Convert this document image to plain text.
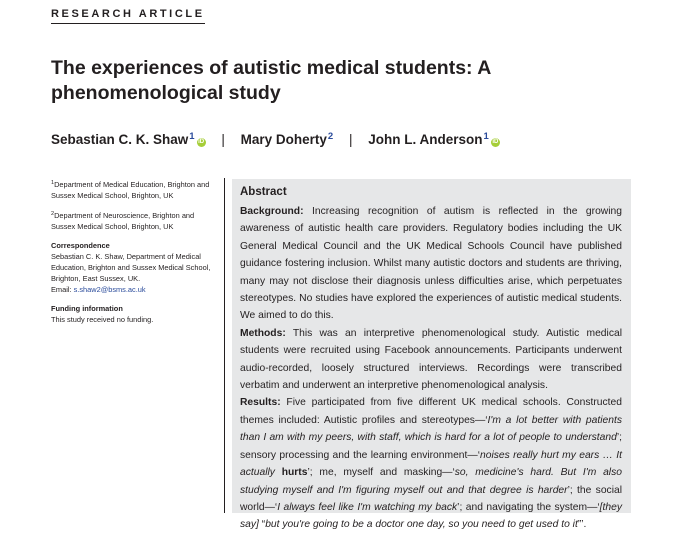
RESEARCH ARTICLE
The experiences of autistic medical students: A phenomenological study
Sebastian C. K. Shaw$^1$ iD | Mary Doherty$^2$ | John L. Anderson$^1$ iD
$^1$Department of Medical Education, Brighton and Sussex Medical School, Brighton, UK
$^2$Department of Neuroscience, Brighton and Sussex Medical School, Brighton, UK
Correspondence
Sebastian C. K. Shaw, Department of Medical Education, Brighton and Sussex Medical School, Brighton, East Sussex, UK.
Email: s.shaw2@bsms.ac.uk
Funding information
This study received no funding.
Abstract

Background: Increasing recognition of autism is reflected in the growing awareness of autistic health care providers. Regulatory bodies including the UK General Medical Council and the UK Medical Schools Council have published guidance fostering inclusion. Whilst many autistic doctors and students are thriving, many may not disclose their diagnosis unless difficulties arise, which perpetuates stereotypes. No studies have explored the experiences of autistic medical students. We aimed to do this.

Methods: This was an interpretive phenomenological study. Autistic medical students were recruited using Facebook announcements. Participants underwent audio-recorded, loosely structured interviews. Recordings were transcribed verbatim and underwent an interpretive phenomenological analysis.

Results: Five participated from five different UK medical schools. Constructed themes included: Autistic profiles and stereotypes—‘I'm a lot better with patients than I am with my peers, with staff, which is hard for a lot of people to understand’; sensory processing and the learning environment—‘noises really hurt my ears … It actually hurts’; me, myself and masking—‘so, medicine's hard. But I'm also studying myself and I'm figuring myself out and that degree is harder’; the social world—‘I always feel like I'm watching my back’; and navigating the system—‘[they say] “but you're going to be a doctor one day, so you need to get used to it”’.
